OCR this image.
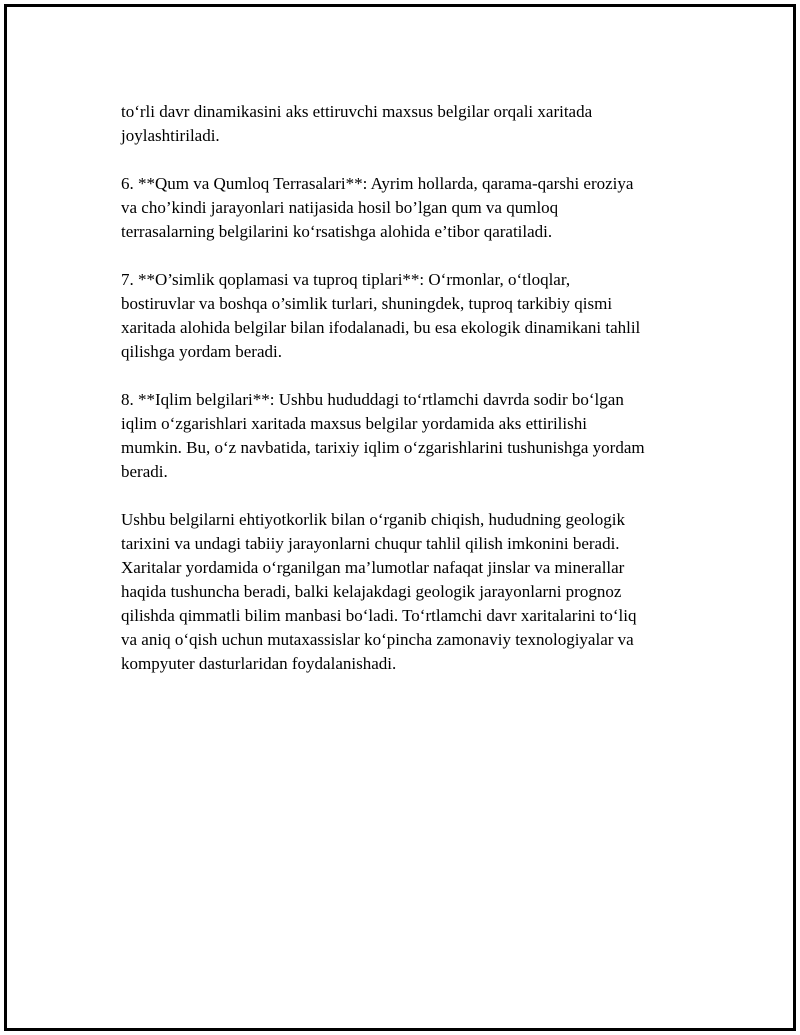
to‘rli davr dinamikasini aks ettiruvchi maxsus belgilar orqali xaritada
joylashtiriladi.

6. **Qum va Qumloq Terrasalari**: Ayrim hollarda, qarama-qarshi eroziya
va cho’kindi jarayonlari natijasida hosil bo’lgan qum va qumloq
terrasalarning belgilarini ko‘rsatishga alohida e’tibor qaratiladi.

7. **O’simlik qoplamasi va tuproq tiplari**: O‘rmonlar, o‘tloqlar,
bostiruvlar va boshqa o’simlik turlari, shuningdek, tuproq tarkibiy qismi
xaritada alohida belgilar bilan ifodalanadi, bu esa ekologik dinamikani tahlil
qilishga yordam beradi.

8. **Iqlim belgilari**: Ushbu hududdagi to‘rtlamchi davrda sodir bo‘lgan
iqlim o‘zgarishlari xaritada maxsus belgilar yordamida aks ettirilishi
mumkin. Bu, o‘z navbatida, tarixiy iqlim o‘zgarishlarini tushunishga yordam
beradi.

Ushbu belgilarni ehtiyotkorlik bilan o‘rganib chiqish, hududning geologik
tarixini va undagi tabiiy jarayonlarni chuqur tahlil qilish imkonini beradi.
Xaritalar yordamida o‘rganilgan ma’lumotlar nafaqat jinslar va minerallar
haqida tushuncha beradi, balki kelajakdagi geologik jarayonlarni prognoz
qilishda qimmatli bilim manbasi bo‘ladi. To‘rtlamchi davr xaritalarini to‘liq
va aniq o‘qish uchun mutaxassislar ko‘pincha zamonaviy texnologiyalar va
kompyuter dasturlaridan foydalanishadi.
